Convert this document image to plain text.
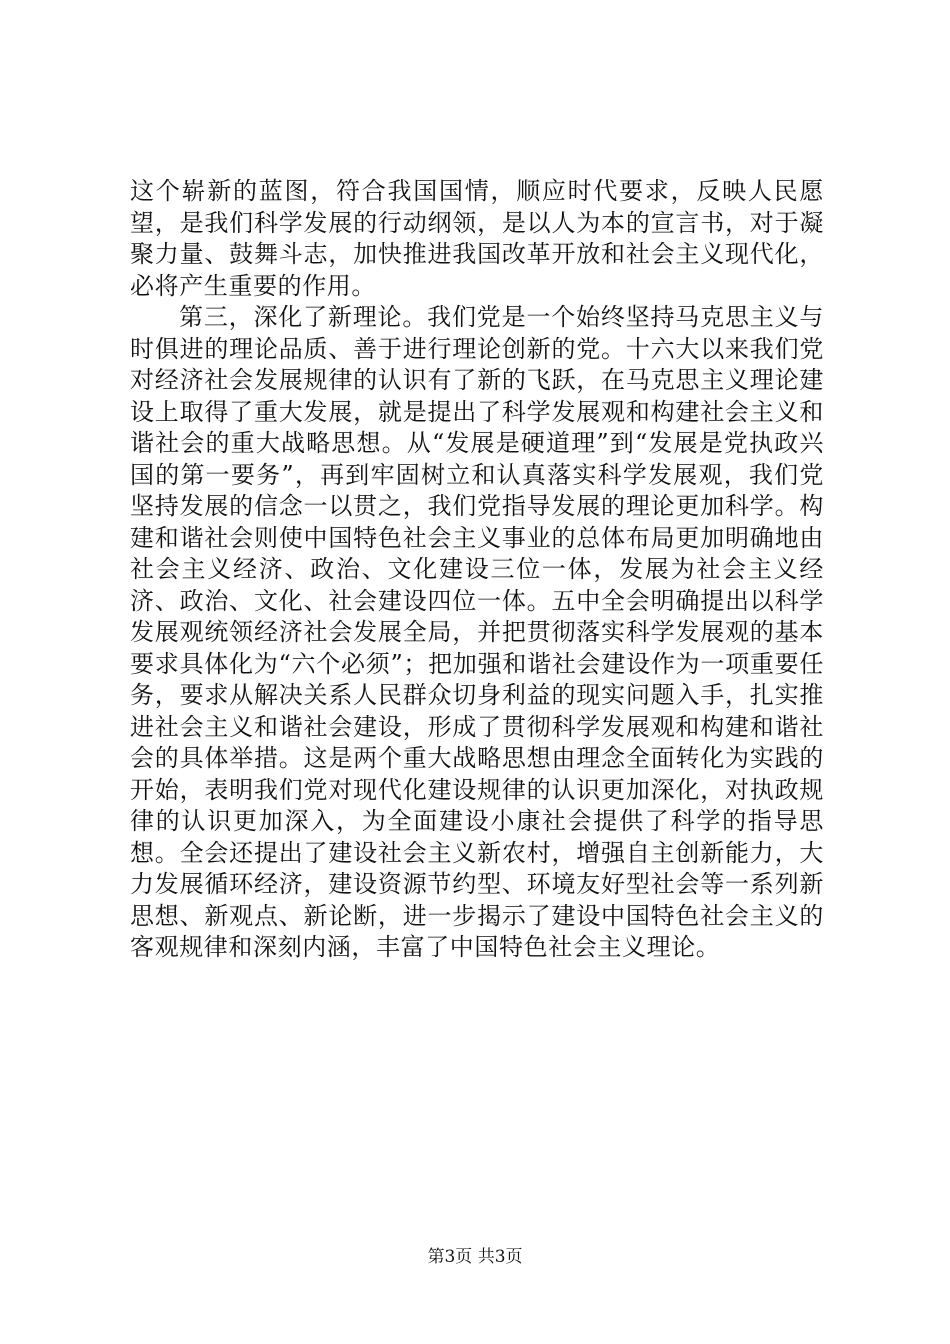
这个崭新的蓝图，符合我国国情，顺应时代要求，反映人民愿望，是我们科学发展的行动纲领，是以人为本的宣言书，对于凝聚力量、鼓舞斗志，加快推进我国改革开放和社会主义现代化，必将产生重要的作用。

第三，深化了新理论。我们党是一个始终坚持马克思主义与时俱进的理论品质、善于进行理论创新的党。十六大以来我们党对经济社会发展规律的认识有了新的飞跃，在马克思主义理论建设上取得了重大发展，就是提出了科学发展观和构建社会主义和谐社会的重大战略思想。从“发展是硬道理”到“发展是党执政兴国的第一要务”，再到牢固树立和认真落实科学发展观，我们党坚持发展的信念一以贯之，我们党指导发展的理论更加科学。构建和谐社会则使中国特色社会主义事业的总体布局更加明确地由社会主义经济、政治、文化建设三位一体，发展为社会主义经济、政治、文化、社会建设四位一体。五中全会明确提出以科学发展观统领经济社会发展全局，并把贯彻落实科学发展观的基本要求具体化为“六个必须”；把加强和谐社会建设作为一项重要任务，要求从解决关系人民群众切身利益的现实问题入手，扎实推进社会主义和谐社会建设，形成了贯彻科学发展观和构建和谐社会的具体举措。这是两个重大战略思想由理念全面转化为实践的开始，表明我们党对现代化建设规律的认识更加深化，对执政规律的认识更加深入，为全面建设小康社会提供了科学的指导思想。全会还提出了建设社会主义新农村，增强自主创新能力，大力发展循环经济，建设资源节约型、环境友好型社会等一系列新思想、新观点、新论断，进一步揭示了建设中国特色社会主义的客观规律和深刻内涵，丰富了中国特色社会主义理论。

第3页 共3页
